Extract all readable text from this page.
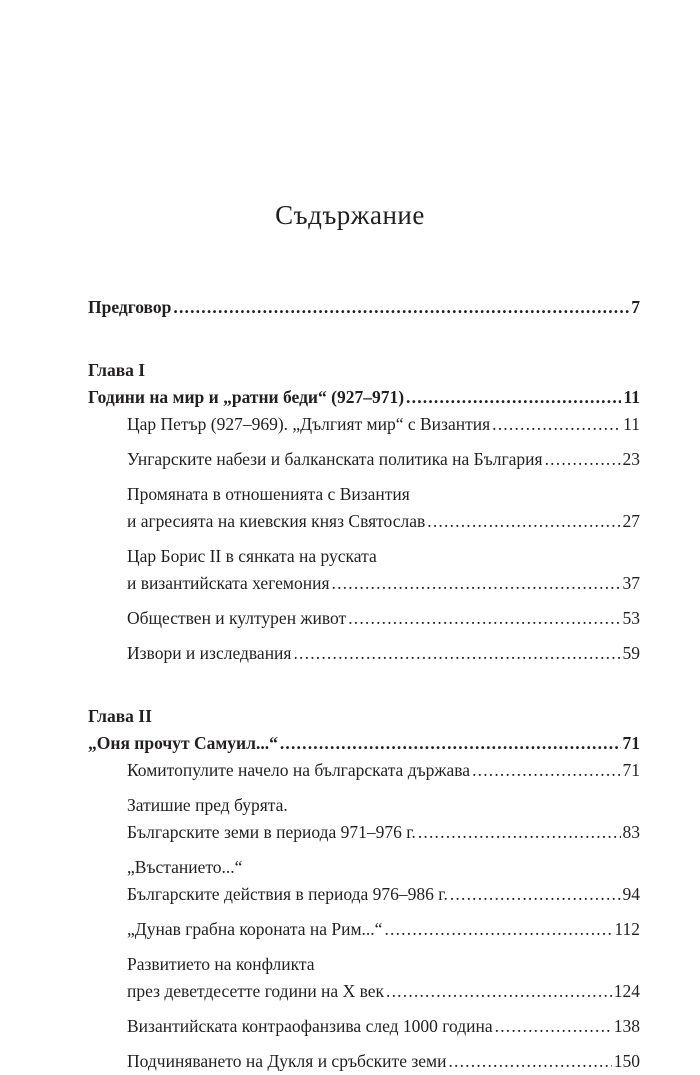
Съдържание
Предговор .....	7
Глава I
Години на мир и „ратни беди“ (927–971) .....	11
Цар Петър (927–969). „Дългият мир“ с Византия .....	11
Унгарските набези и балканската политика на България .....	23
Промяната в отношенията с Византия
и агресията на киевския княз Святослав .....	27
Цар Борис II в сянката на руската
и византийската хегемония .....	37
Обществен и културен живот .....	53
Извори и изследвания .....	59
Глава II
„Оня прочут Самуил...“ .....	71
Комитопулите начело на българската държава .....	71
Затишие пред бурята.
Българските земи в периода 971–976 г. .....	83
„Въстанието...“
Българските действия в периода 976–986 г. .....	94
„Дунав грабна короната на Рим...“ .....	112
Развитието на конфликта
през деветдесетте години на Х век .....	124
Византийската контраофанзива след 1000 година .....	138
Подчиняването на Дукля и сръбските земи .....	150
